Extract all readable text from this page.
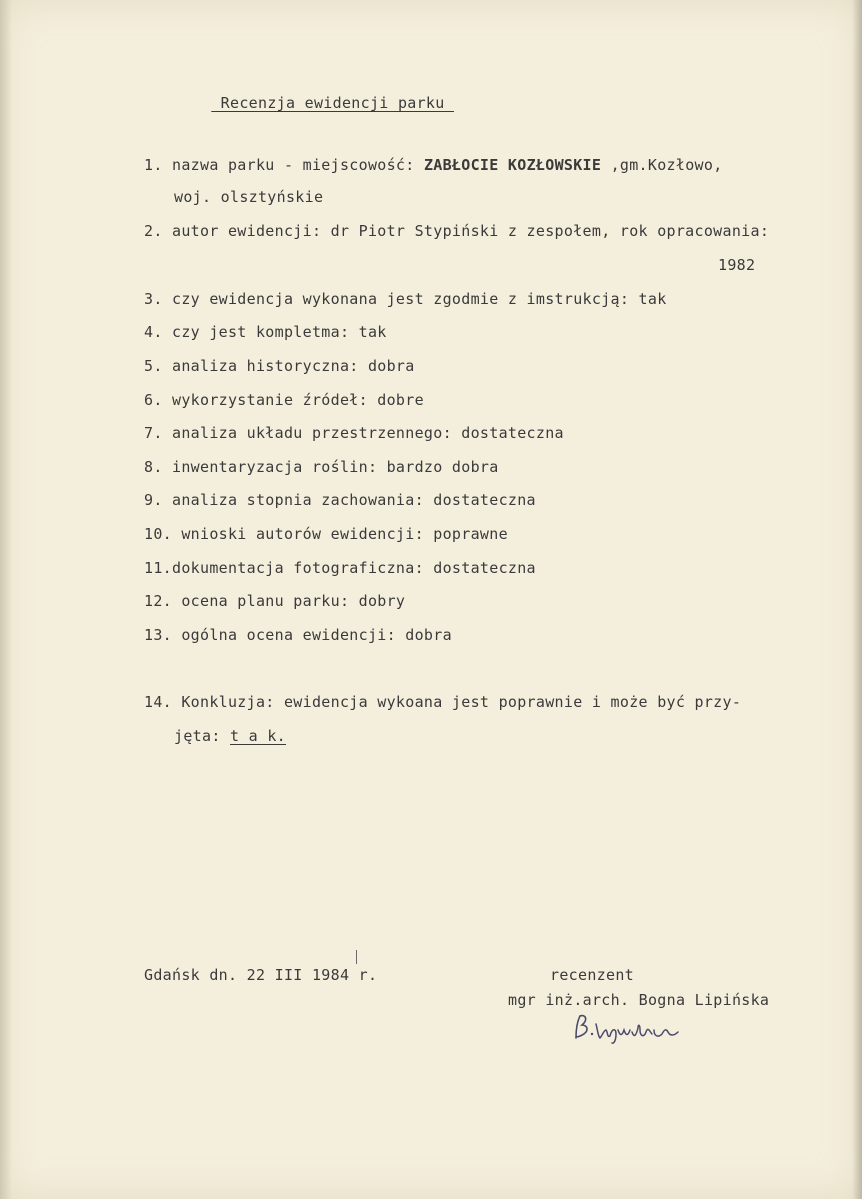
_Recenzja_ewidencji_parku_

1. nazwa parku - miejscowość: ZABŁOCIE KOZŁOWSKIE ,gm.Kozłowo,
woj. olsztyńskie
2. autor ewidencji: dr Piotr Stypiński z zespołem, rok opracowania:
1982
3. czy ewidencja wykonana jest zgodmie z imstrukcją: tak
4. czy jest kompletma: tak
5. analiza historyczna: dobra
6. wykorzystanie źródeł: dobre
7. analiza układu przestrzennego: dostateczna
8. inwentaryzacja roślin: bardzo dobra
9. analiza stopnia zachowania: dostateczna
10. wnioski autorów ewidencji: poprawne
11.dokumentacja fotograficzna: dostateczna
12. ocena planu parku: dobry
13. ogólna ocena ewidencji: dobra
14. Konkluzja: ewidencja wykoana jest poprawnie i może być przy-
jęta: t a k.
Gdańsk dn. 22 III 1984 r.	recenzent
mgr inż.arch. Bogna Lipińska
